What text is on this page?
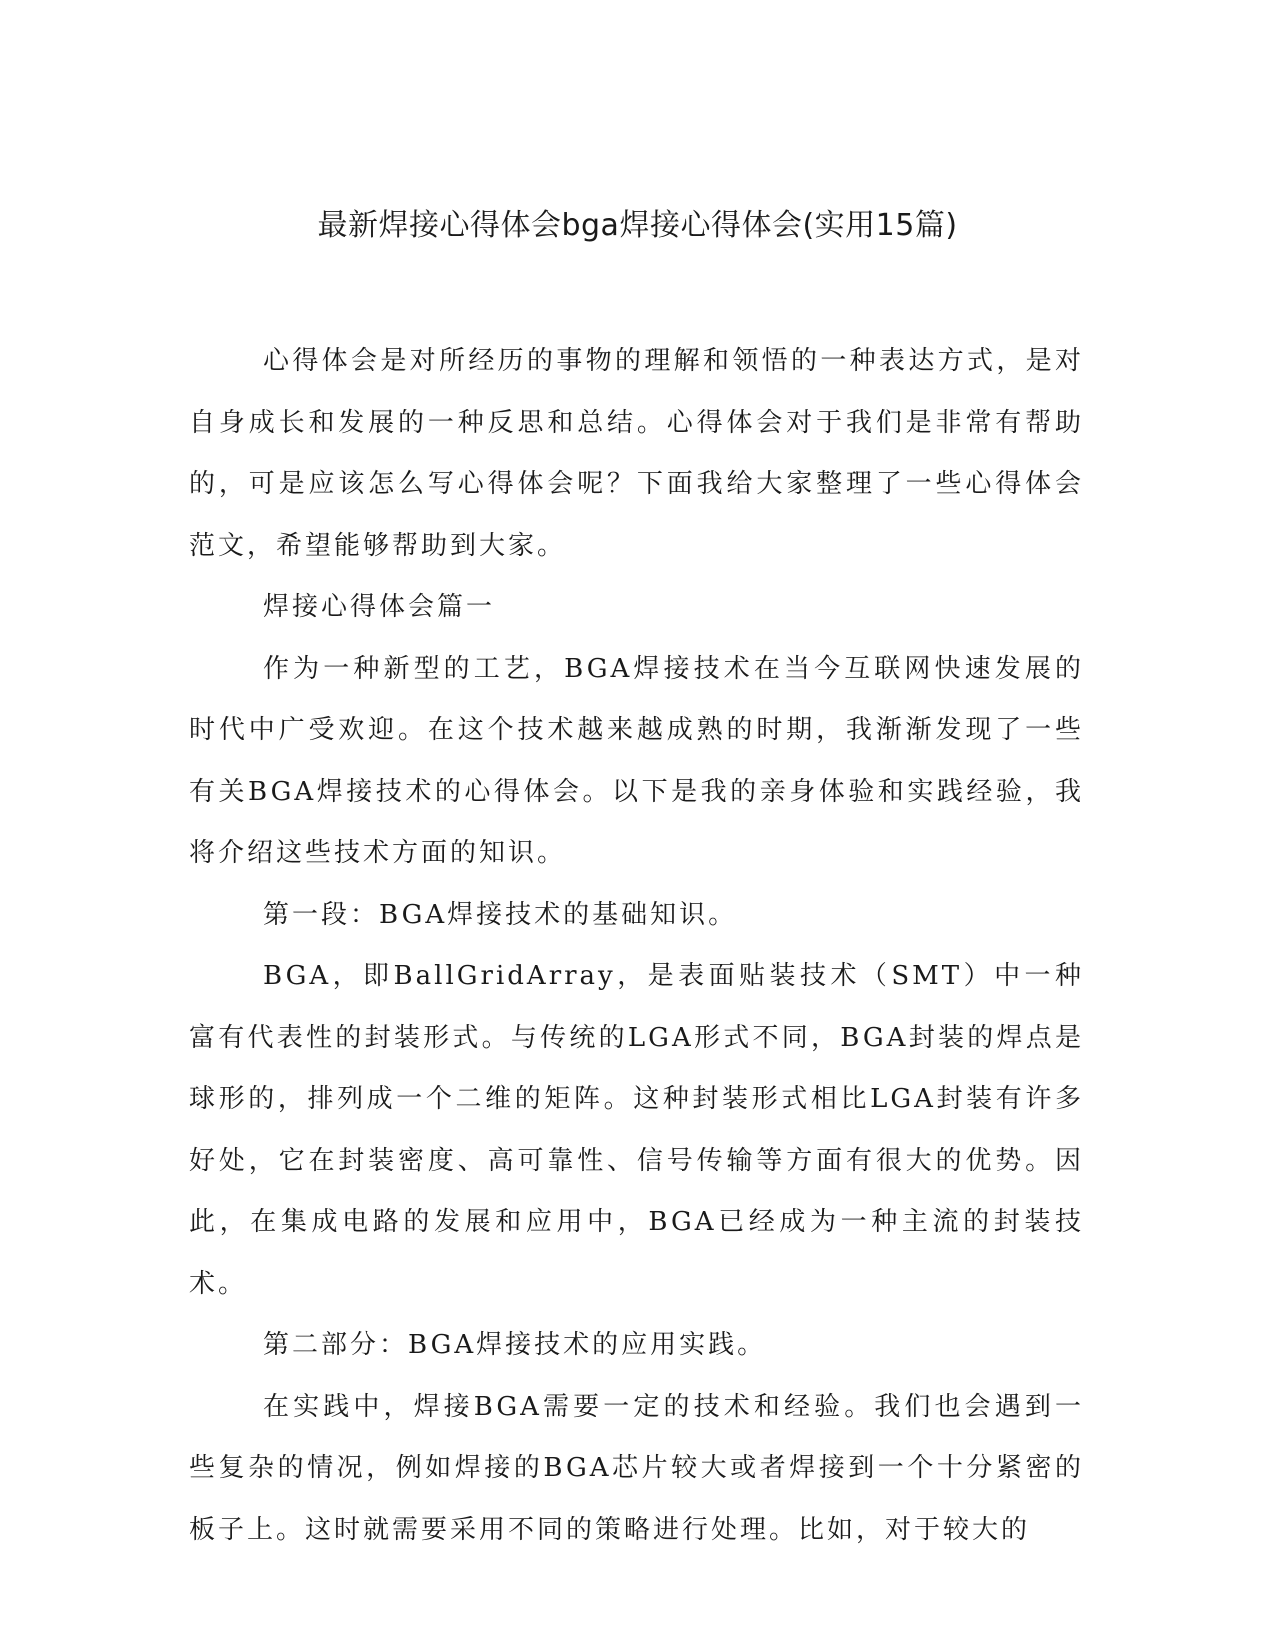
最新焊接心得体会bga焊接心得体会(实用15篇)

心得体会是对所经历的事物的理解和领悟的一种表达方式，是对自身成长和发展的一种反思和总结。心得体会对于我们是非常有帮助的，可是应该怎么写心得体会呢？下面我给大家整理了一些心得体会范文，希望能够帮助到大家。

焊接心得体会篇一

作为一种新型的工艺，BGA焊接技术在当今互联网快速发展的时代中广受欢迎。在这个技术越来越成熟的时期，我渐渐发现了一些有关BGA焊接技术的心得体会。以下是我的亲身体验和实践经验，我将介绍这些技术方面的知识。

第一段：BGA焊接技术的基础知识。

BGA，即BallGridArray，是表面贴装技术（SMT）中一种富有代表性的封装形式。与传统的LGA形式不同，BGA封装的焊点是球形的，排列成一个二维的矩阵。这种封装形式相比LGA封装有许多好处，它在封装密度、高可靠性、信号传输等方面有很大的优势。因此，在集成电路的发展和应用中，BGA已经成为一种主流的封装技术。

第二部分：BGA焊接技术的应用实践。

在实践中，焊接BGA需要一定的技术和经验。我们也会遇到一些复杂的情况，例如焊接的BGA芯片较大或者焊接到一个十分紧密的板子上。这时就需要采用不同的策略进行处理。比如，对于较大的
